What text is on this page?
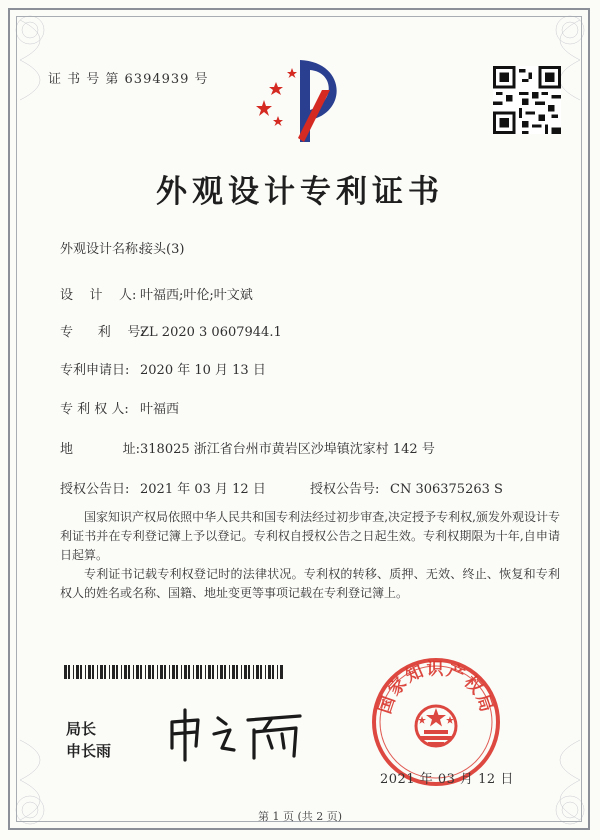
证 书 号 第 6394939 号
外观设计专利证书
外观设计名称:接头(3)
设    计    人: 叶福西;叶伦;叶文斌
专      利    号:ZL 2020 3 0607944.1
专利申请日: 2020 年 10 月 13 日
专 利 权 人: 叶福西
地            址:318025 浙江省台州市黄岩区沙埠镇沈家村 142 号
授权公告日: 2021 年 03 月 12 日	授权公告号: CN 306375263 S
国家知识产权局依照中华人民共和国专利法经过初步审查,决定授予专利权,颁发外观设计专利证书并在专利登记簿上予以登记。专利权自授权公告之日起生效。专利权期限为十年,自申请日起算。
专利证书记载专利权登记时的法律状况。专利权的转移、质押、无效、终止、恢复和专利权人的姓名或名称、国籍、地址变更等事项记载在专利登记簿上。
局长
申长雨
国家知识产权局
2021 年 03 月 12 日
第 1 页 (共 2 页)
